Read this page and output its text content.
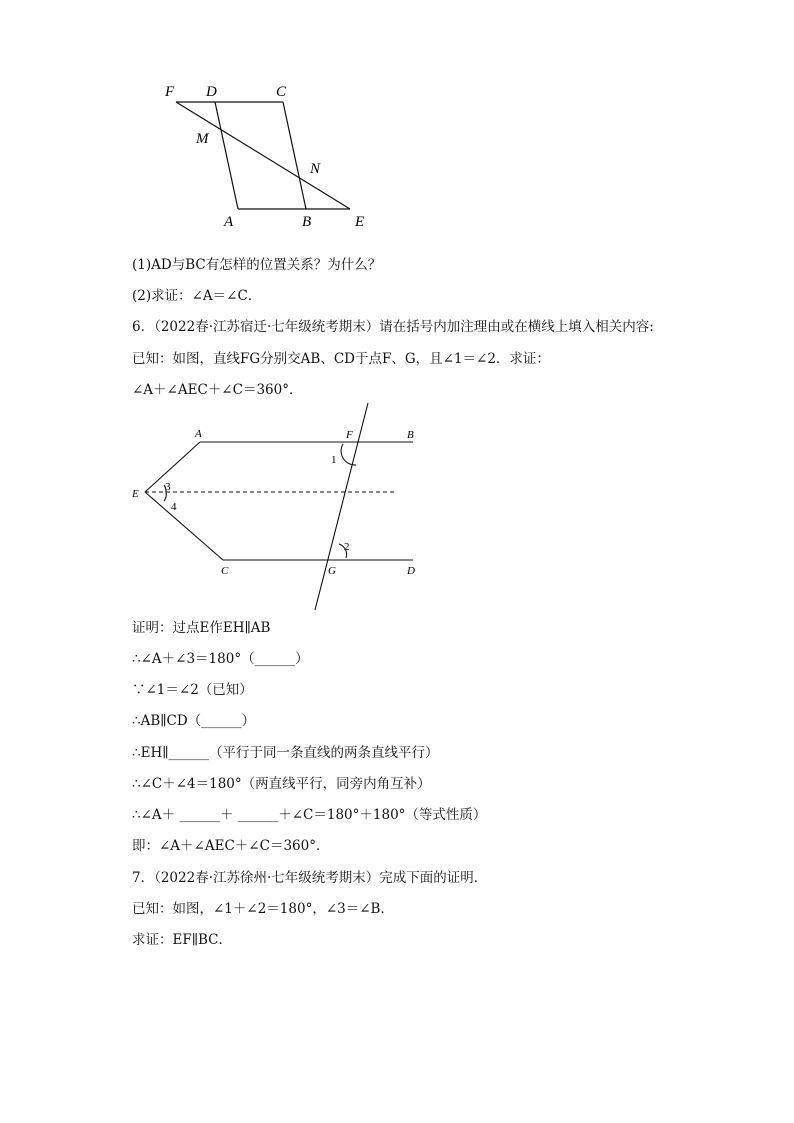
F D	C
M
N
A	B	E
(1)AD与BC有怎样的位置关系？为什么？
(2)求证：∠A＝∠C．
6．（2022春·江苏宿迁·七年级统考期末）请在括号内加注理由或在横线上填入相关内容:
已知：如图，直线FG分别交AB、CD于点F、G，且∠1＝∠2．求证：
∠A＋∠AEC＋∠C＝360°．
A	F	B
E
C	G	D
1
2
3
4
证明：过点E作EH∥AB
∴∠A＋∠3＝180°（______）
∵∠1＝∠2（已知）
∴AB∥CD（______）
∴EH∥______（平行于同一条直线的两条直线平行）
∴∠C＋∠4＝180°（两直线平行，同旁内角互补）
∴∠A＋ ______＋ ______＋∠C＝180°＋180°（等式性质）
即：∠A＋∠AEC＋∠C＝360°．
7．（2022春·江苏徐州·七年级统考期末）完成下面的证明．
已知：如图，∠1＋∠2＝180°，∠3＝∠B．
求证：EF∥BC．
